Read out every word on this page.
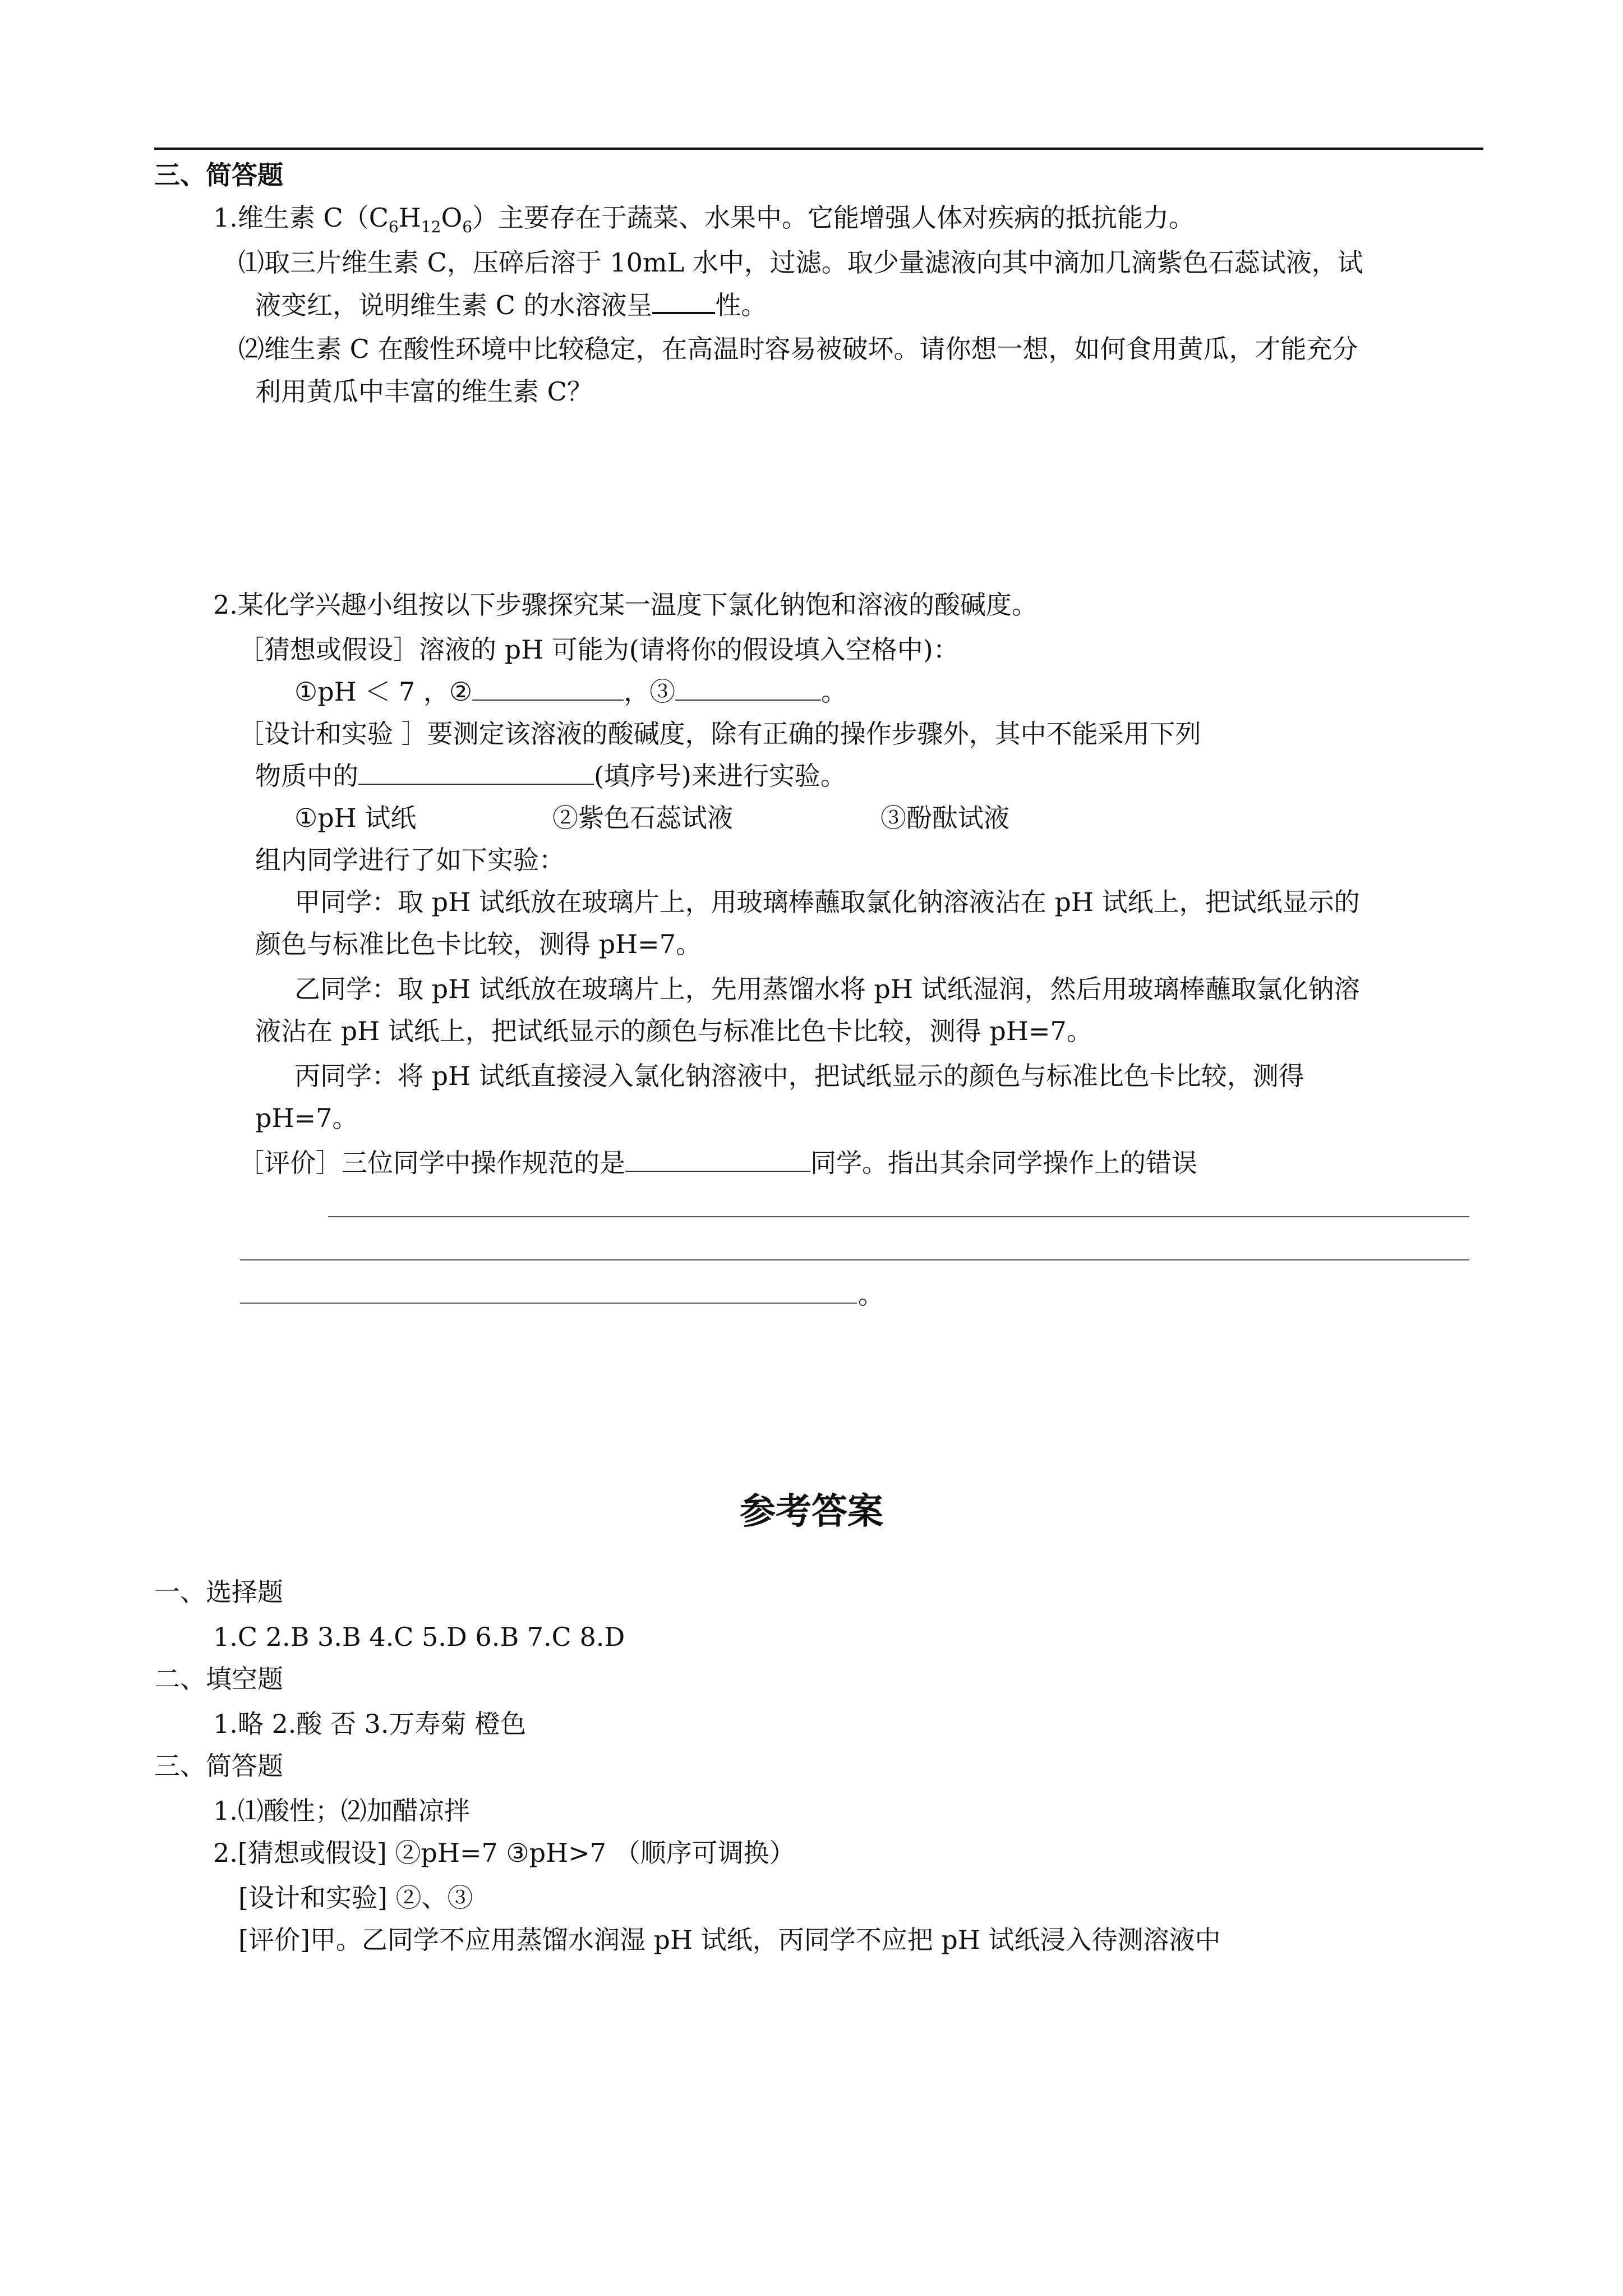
三、简答题
1.维生素 $C(C_6H_{12}O_6)$主要存在于蔬菜、水果中。它能增强人体对疾病的抵抗能力。
⑴取三片维生素 C，压碎后溶于 10mL 水中，过滤。取少量滤液向其中滴加几滴紫色石蕊试液，试
液变红，说明维生素 C 的水溶液呈 性。
⑵维生素 C 在酸性环境中比较稳定，在高温时容易被破坏。请你想一想，如何食用黄瓜，才能充分
利用黄瓜中丰富的维生素 C？
2.某化学兴趣小组按以下步骤探究某一温度下氯化钠饱和溶液的酸碱度。
［猜想或假设］溶液的 pH 可能为(请将你的假设填入空格中)：
①pH ＜ 7 ，②	，③	。
［设计和实验 ］要测定该溶液的酸碱度，除有正确的操作步骤外，其中不能采用下列
物质中的	(填序号)来进行实验。
①pH 试纸	②紫色石蕊试液	③酚酞试液
组内同学进行了如下实验：
甲同学：取 pH 试纸放在玻璃片上，用玻璃棒蘸取氯化钠溶液沾在 pH 试纸上，把试纸显示的
颜色与标准比色卡比较，测得 pH=7。
乙同学：取 pH 试纸放在玻璃片上，先用蒸馏水将 pH 试纸湿润，然后用玻璃棒蘸取氯化钠溶
液沾在 pH 试纸上，把试纸显示的颜色与标准比色卡比较，测得 pH=7。
丙同学：将 pH 试纸直接浸入氯化钠溶液中，把试纸显示的颜色与标准比色卡比较，测得
pH=7。
［评价］三位同学中操作规范的是	同学。指出其余同学操作上的错误
。
参考答案
一、选择题
1.C 2.B 3.B 4.C 5.D 6.B 7.C 8.D
二、填空题
1.略 2.酸 否 3.万寿菊 橙色
三、简答题
1.⑴酸性；⑵加醋凉拌
2.[猜想或假设] ②pH=7 ③pH>7 （顺序可调换）
[设计和实验] ②、③
[评价]甲。乙同学不应用蒸馏水润湿 pH 试纸，丙同学不应把 pH 试纸浸入待测溶液中
